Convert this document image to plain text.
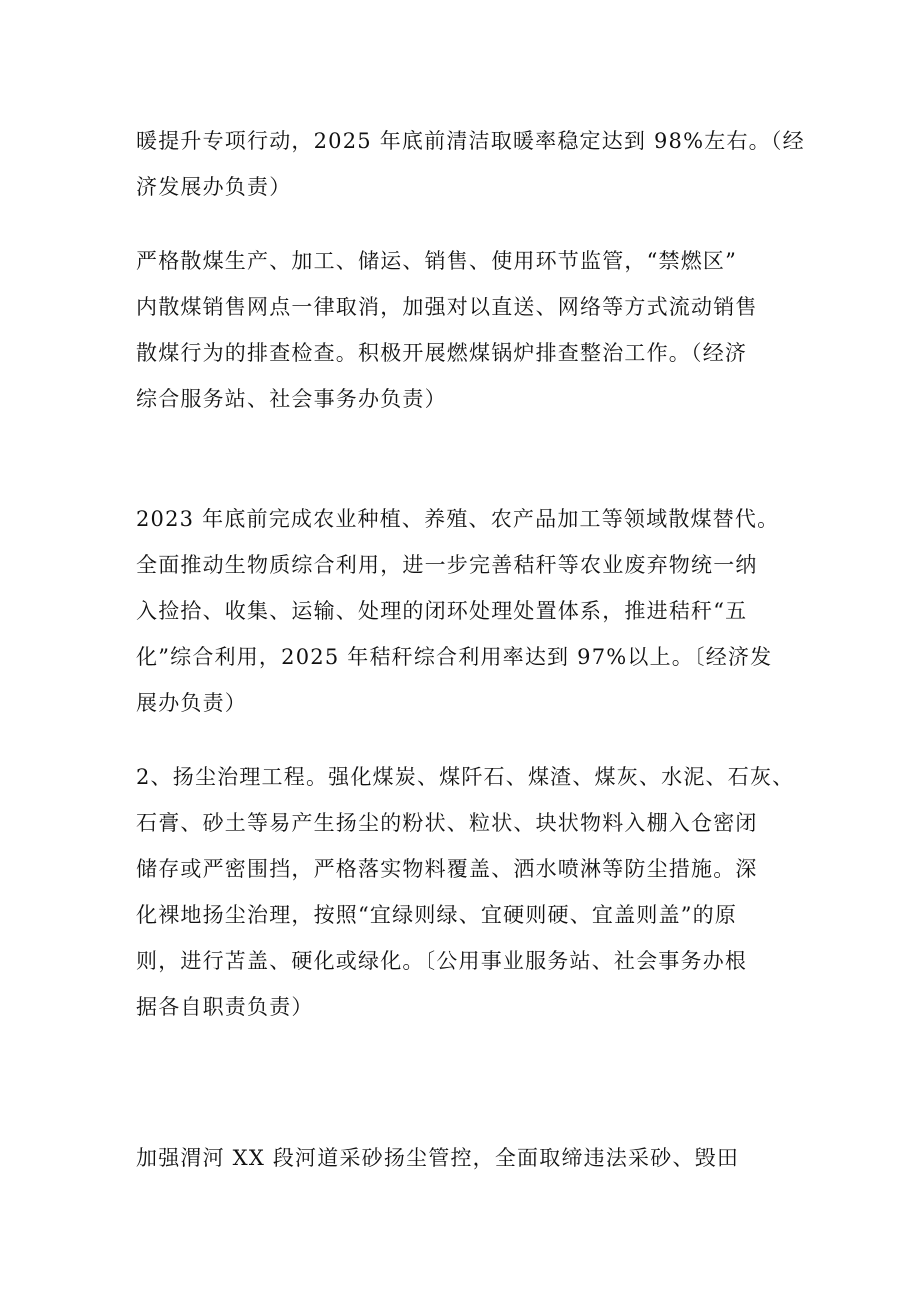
暖提升专项行动，2025 年底前清洁取暖率稳定达到 98%左右。（经
济发展办负责）

严格散煤生产、加工、储运、销售、使用环节监管，“禁燃区”
内散煤销售网点一律取消，加强对以直送、网络等方式流动销售
散煤行为的排查检查。积极开展燃煤锅炉排查整治工作。（经济
综合服务站、社会事务办负责）

2023 年底前完成农业种植、养殖、农产品加工等领域散煤替代。
全面推动生物质综合利用，进一步完善秸秆等农业废弃物统一纳
入捡拾、收集、运输、处理的闭环处理处置体系，推进秸秆“五
化”综合利用，2025 年秸秆综合利用率达到 97%以上。〔经济发
展办负责）

2、扬尘治理工程。强化煤炭、煤阡石、煤渣、煤灰、水泥、石灰、
石膏、砂土等易产生扬尘的粉状、粒状、块状物料入棚入仓密闭
储存或严密围挡，严格落实物料覆盖、洒水喷淋等防尘措施。深
化裸地扬尘治理，按照“宜绿则绿、宜硬则硬、宜盖则盖”的原
则，进行苫盖、硬化或绿化。〔公用事业服务站、社会事务办根
据各自职责负责）

加强渭河 XX 段河道采砂扬尘管控，全面取缔违法采砂、毁田
